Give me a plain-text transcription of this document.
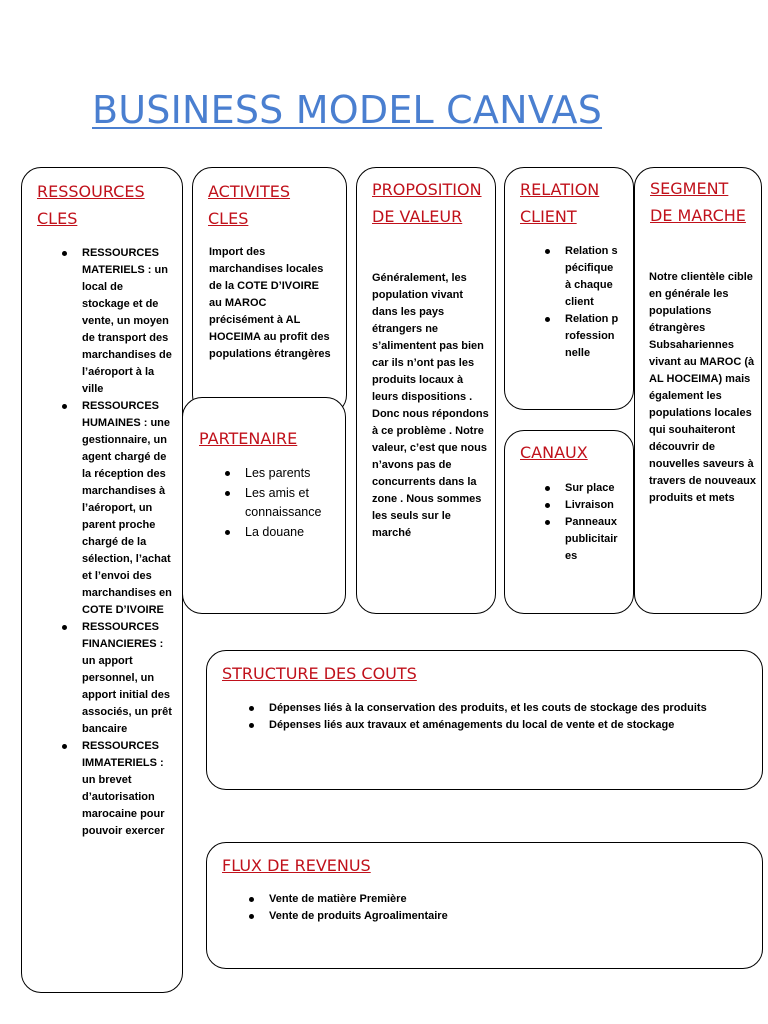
BUSINESS MODEL CANVAS
RESSOURCES CLES
RESSOURCES MATERIELS : un local de stockage et de vente, un moyen de transport des marchandises de l’aéroport à la ville
RESSOURCES HUMAINES : une gestionnaire, un agent chargé de la réception des marchandises à l’aéroport, un parent proche chargé de la sélection, l’achat et l’envoi des marchandises en COTE D’IVOIRE
RESSOURCES FINANCIERES : un apport personnel, un apport initial des associés, un prêt bancaire
RESSOURCES IMMATERIELS : un brevet d’autorisation marocaine pour pouvoir exercer
ACTIVITES CLES

Import des marchandises locales de la COTE D’IVOIRE au MAROC précisément à AL HOCEIMA au profit des populations étrangères

PARTENAIRE
Les parents
Les amis et connaissance
La douane
PROPOSITION DE VALEUR

Généralement, les population vivant dans les pays étrangers ne s’alimentent pas bien car ils n’ont pas les produits locaux à leurs dispositions . Donc nous répondons à ce problème . Notre valeur, c’est que nous n’avons pas de concurrents dans la zone . Nous sommes les seuls sur le marché

RELATION CLIENT
Relation spécifique à chaque client
Relation professionnelle
CANAUX
Sur place
Livraison
Panneaux publicitaires
SEGMENT DE MARCHE

Notre clientèle cible en générale les populations étrangères Subsahariennes vivant au MAROC (à AL HOCEIMA) mais également les populations locales qui souhaiteront découvrir de nouvelles saveurs à travers de nouveaux produits et mets

STRUCTURE DES COUTS
Dépenses liés à la conservation des produits, et les couts de stockage des produits
Dépenses liés aux travaux et aménagements du local de vente et de stockage
FLUX DE REVENUS
Vente de matière Première
Vente de produits Agroalimentaire
